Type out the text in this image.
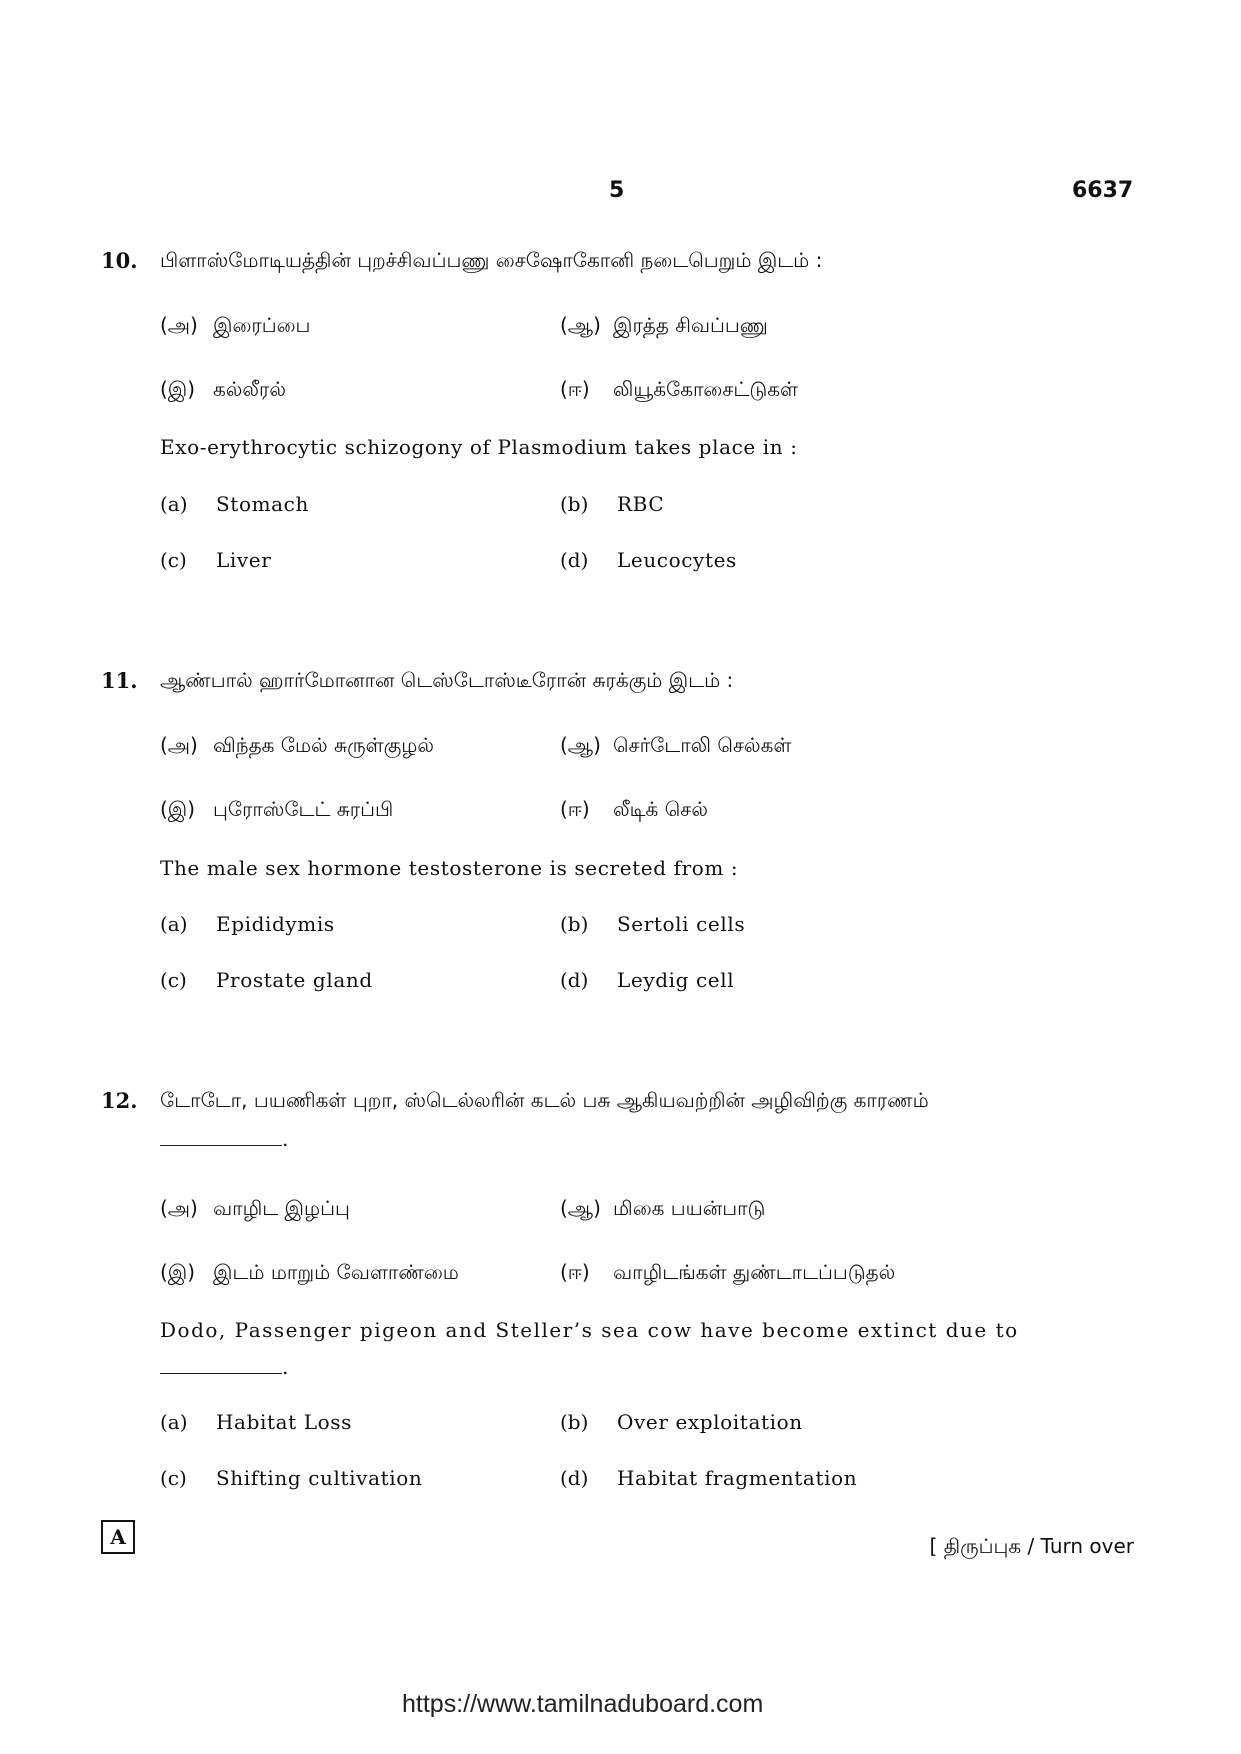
5	6637
10. பிளாஸ்மோடியத்தின் புறச்சிவப்பணு சைஷோகோனி நடைபெறும் இடம் :
(அ) இரைப்பை	(ஆ) இரத்த சிவப்பணு
(இ) கல்லீரல்	(ஈ) லியூக்கோசைட்டுகள்
Exo-erythrocytic schizogony of Plasmodium takes place in :
(a) Stomach	(b) RBC
(c) Liver	(d) Leucocytes
11. ஆண்பால் ஹார்மோனான டெஸ்டோஸ்டீரோன் சுரக்கும் இடம் :
(அ) விந்தக மேல் சுருள்குழல்	(ஆ) செர்டோலி செல்கள்
(இ) புரோஸ்டேட் சுரப்பி	(ஈ) லீடிக் செல்
The male sex hormone testosterone is secreted from :
(a) Epididymis	(b) Sertoli cells
(c) Prostate gland	(d) Leydig cell
12. டோடோ, பயணிகள் புறா, ஸ்டெல்லரின் கடல் பசு ஆகியவற்றின் அழிவிற்கு காரணம்
.
(அ) வாழிட இழப்பு	(ஆ) மிகை பயன்பாடு
(இ) இடம் மாறும் வேளாண்மை	(ஈ) வாழிடங்கள் துண்டாடப்படுதல்
Dodo, Passenger pigeon and Steller’s sea cow have become extinct due to
.
(a) Habitat Loss	(b) Over exploitation
(c) Shifting cultivation	(d) Habitat fragmentation
A	[ திருப்புக / Turn over
https://www.tamilnaduboard.com
